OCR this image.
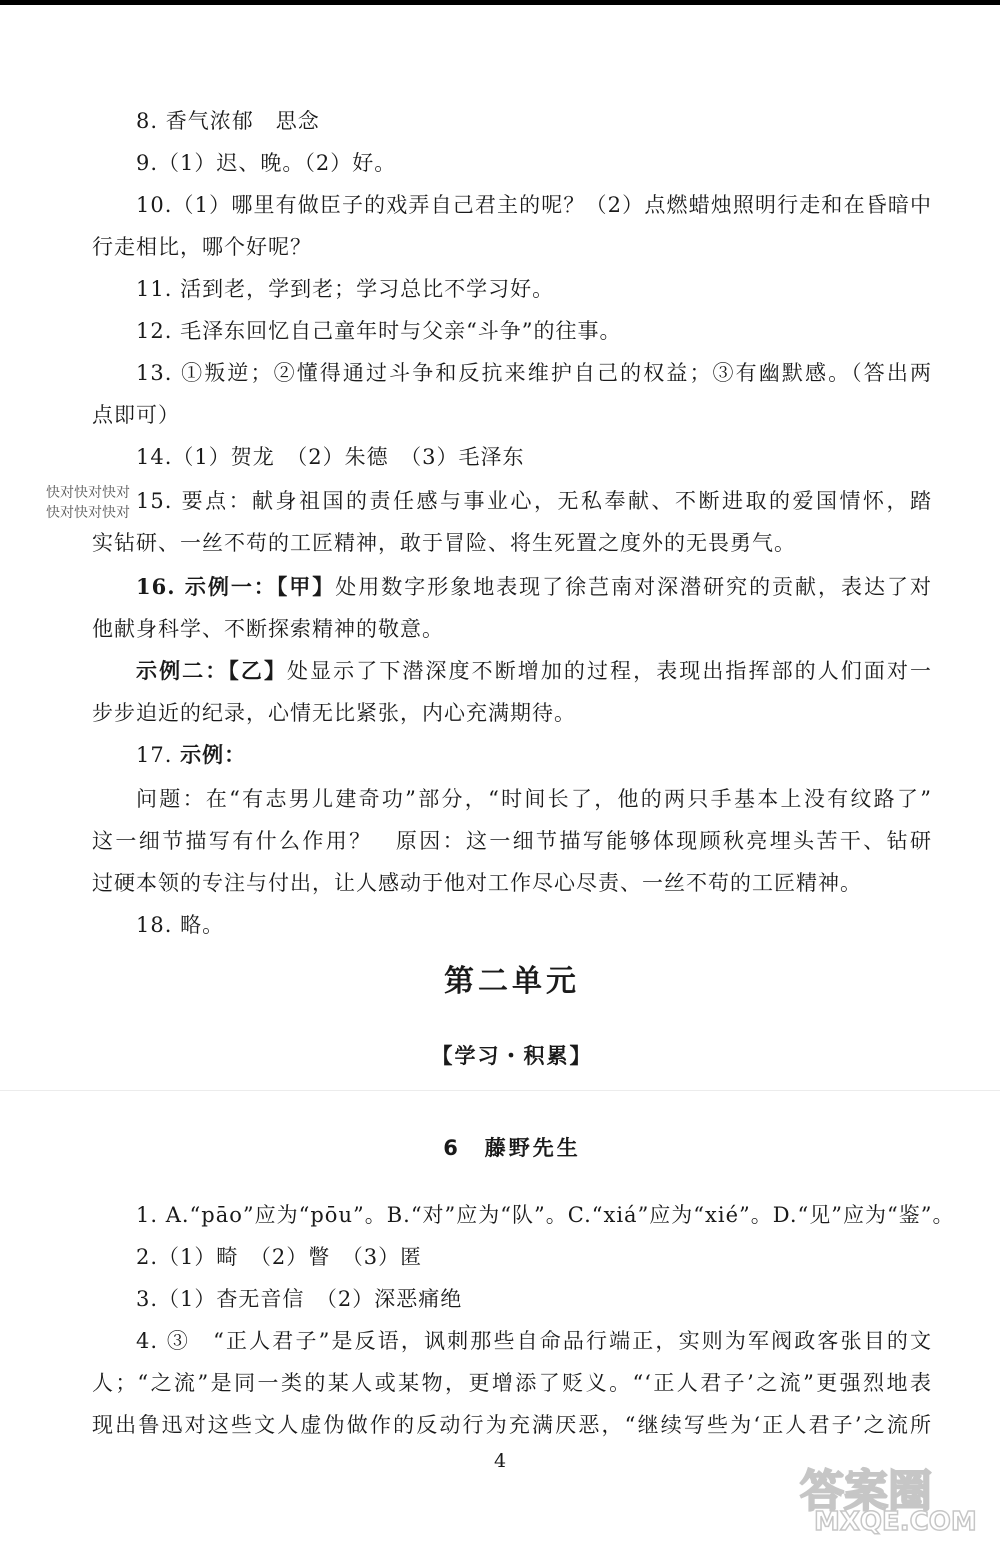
快对快对快对
快对快对快对
8. 香气浓郁　思念
9.（1）迟、晚。（2）好。
10.（1）哪里有做臣子的戏弄自己君主的呢？（2）点燃蜡烛照明行走和在昏暗中
行走相比，哪个好呢？
11. 活到老，学到老；学习总比不学习好。
12. 毛泽东回忆自己童年时与父亲“斗争”的往事。
13. ①叛逆；②懂得通过斗争和反抗来维护自己的权益；③有幽默感。（答出两
点即可）
14.（1）贺龙　（2）朱德　（3）毛泽东
15. 要点：献身祖国的责任感与事业心，无私奉献、不断进取的爱国情怀，踏
实钻研、一丝不苟的工匠精神，敢于冒险、将生死置之度外的无畏勇气。
16. 示例一：【甲】处用数字形象地表现了徐芑南对深潜研究的贡献，表达了对
他献身科学、不断探索精神的敬意。
示例二：【乙】处显示了下潜深度不断增加的过程，表现出指挥部的人们面对一
步步迫近的纪录，心情无比紧张，内心充满期待。
17. 示例：
问题：在“有志男儿建奇功”部分，“时间长了，他的两只手基本上没有纹路了”
这一细节描写有什么作用？　原因：这一细节描写能够体现顾秋亮埋头苦干、钻研
过硬本领的专注与付出，让人感动于他对工作尽心尽责、一丝不苟的工匠精神。
18. 略。
第二单元
【学习・积累】
6　藤野先生
1. A.“pāo”应为“pōu”。B.“对”应为“队”。C.“xiá”应为“xié”。D.“见”应为“鉴”。
2.（1）畸　（2）瞥　（3）匿
3.（1）杳无音信　（2）深恶痛绝
4. ③　“正人君子”是反语，讽刺那些自命品行端正，实则为军阀政客张目的文
人；“之流”是同一类的某人或某物，更增添了贬义。“‘正人君子’之流”更强烈地表
现出鲁迅对这些文人虚伪做作的反动行为充满厌恶，“继续写些为‘正人君子’之流所
4
答案圈
MXQE.COM
